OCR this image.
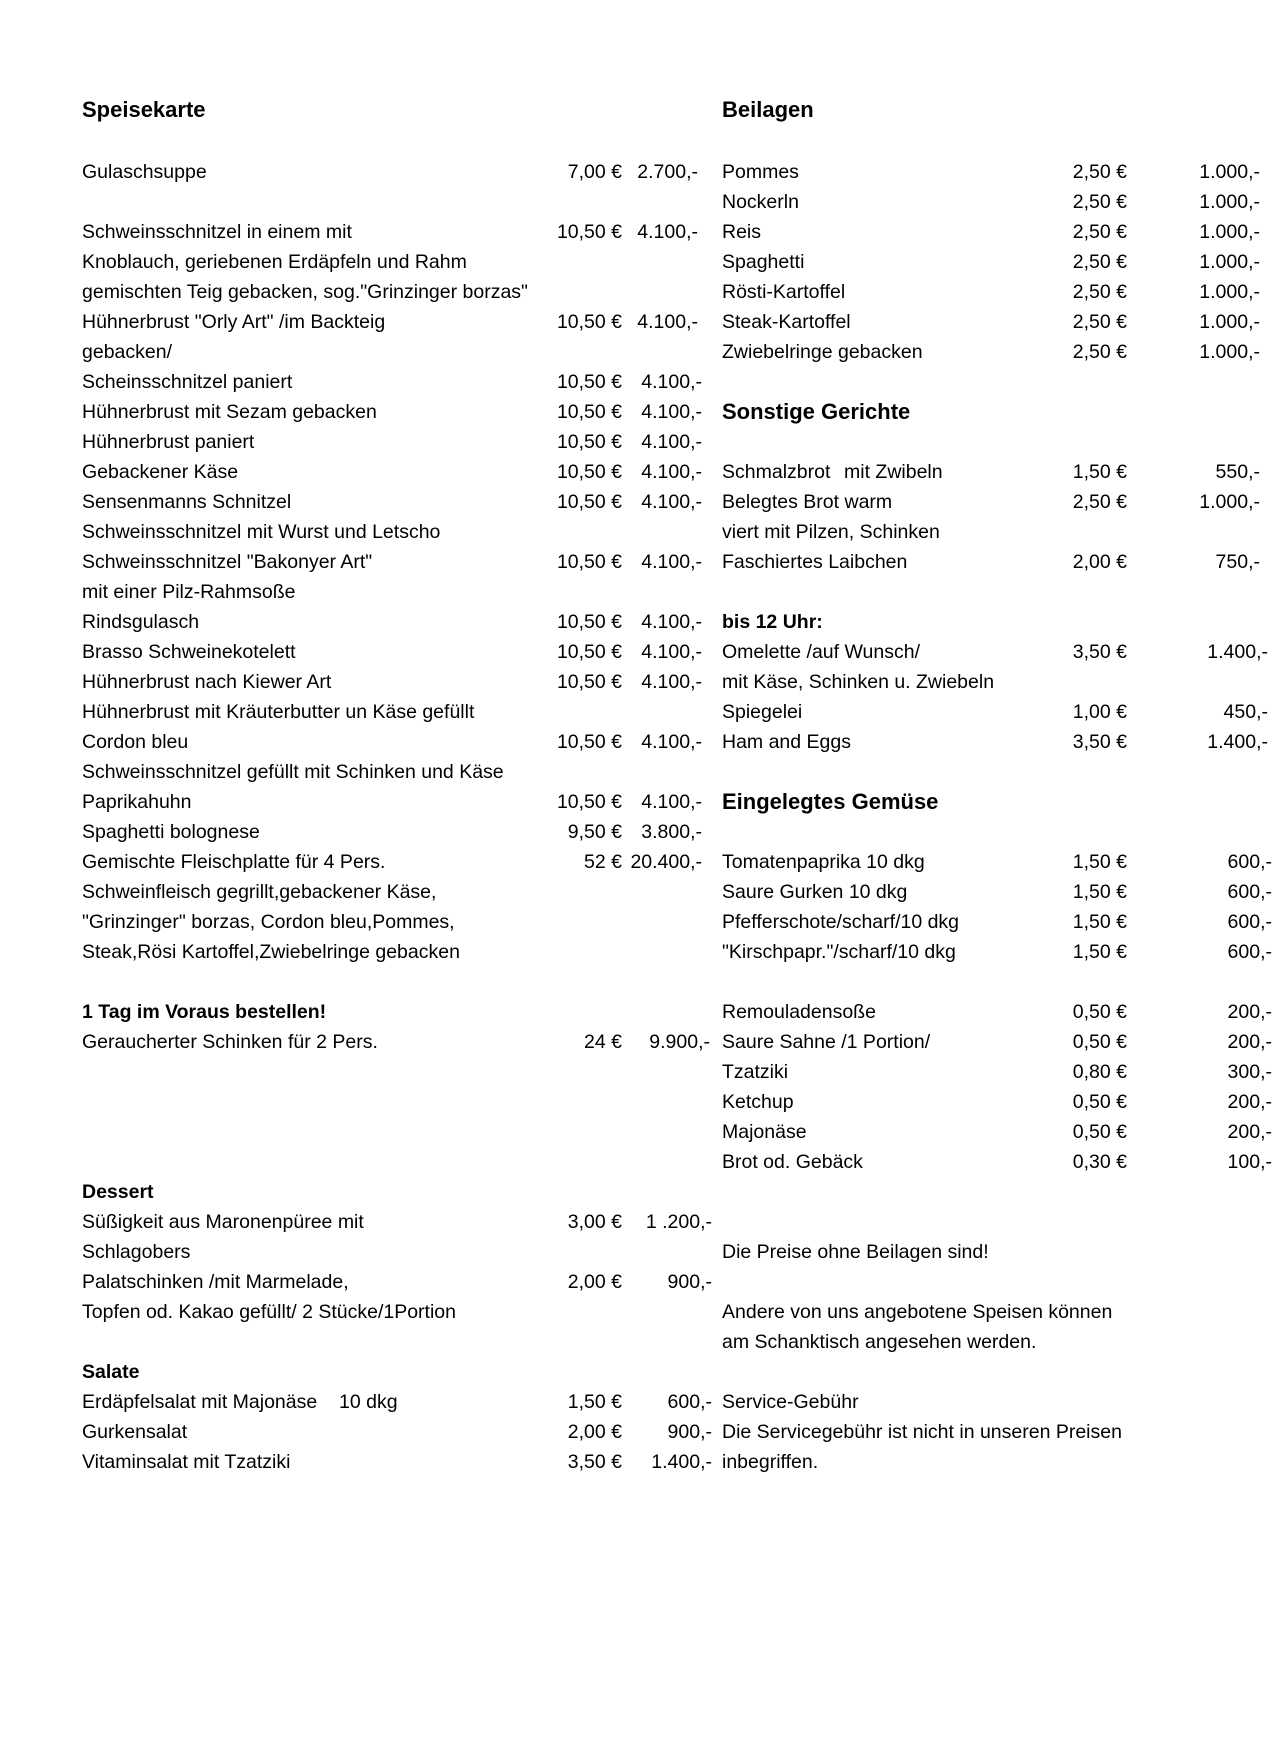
Speisekarte
Gulaschsuppe	7,00 € 2.700,-
Schweinsschnitzel in einem mit	10,50 € 4.100,-
Knoblauch, geriebenen Erdäpfeln und Rahm
gemischten Teig gebacken, sog."Grinzinger borzas"
Hühnerbrust "Orly Art" /im Backteig	10,50 € 4.100,-
gebacken/
Scheinsschnitzel paniert	10,50 € 4.100,-
Hühnerbrust mit Sezam gebacken	10,50 € 4.100,-
Hühnerbrust paniert	10,50 € 4.100,-
Gebackener Käse	10,50 € 4.100,-
Sensenmanns Schnitzel	10,50 € 4.100,-
Schweinsschnitzel mit Wurst und Letscho
Schweinsschnitzel "Bakonyer Art"	10,50 € 4.100,-
mit einer Pilz-Rahmsoße
Rindsgulasch	10,50 € 4.100,-
Brasso Schweinekotelett	10,50 € 4.100,-
Hühnerbrust nach Kiewer Art	10,50 € 4.100,-
Hühnerbrust mit Kräuterbutter un Käse gefüllt
Cordon bleu	10,50 € 4.100,-
Schweinsschnitzel gefüllt mit Schinken und Käse
Paprikahuhn	10,50 € 4.100,-
Spaghetti bolognese	9,50 € 3.800,-
Gemischte Fleischplatte für 4 Pers.	52 € 20.400,-
Schweinfleisch gegrillt,gebackener Käse,
"Grinzinger" borzas, Cordon bleu,Pommes,
Steak,Rösi Kartoffel,Zwiebelringe gebacken
1 Tag im Voraus bestellen!
Geraucherter Schinken für 2 Pers.	24 €	9.900,-
Dessert
Süßigkeit aus Maronenpüree mit	3,00 €	1 .200,-
Schlagobers
Palatschinken /mit Marmelade,	2,00 €	900,-
Topfen od. Kakao gefüllt/ 2 Stücke/1Portion
Salate
Erdäpfelsalat mit Majonäse 10 dkg	1,50 €	600,-
Gurkensalat	2,00 €	900,-
Vitaminsalat mit Tzatziki	3,50 €	1.400,-
Beilagen
Pommes	2,50 €	1.000,-
Nockerln	2,50 €	1.000,-
Reis	2,50 €	1.000,-
Spaghetti	2,50 €	1.000,-
Rösti-Kartoffel	2,50 €	1.000,-
Steak-Kartoffel	2,50 €	1.000,-
Zwiebelringe gebacken	2,50 €	1.000,-
Sonstige Gerichte
Schmalzbrot mit Zwibeln	1,50 €	550,-
Belegtes Brot warm	2,50 €	1.000,-
viert mit Pilzen, Schinken
Faschiertes Laibchen	2,00 €	750,-
bis 12 Uhr:
Omelette /auf Wunsch/	3,50 €	1.400,-
mit Käse, Schinken u. Zwiebeln
Spiegelei	1,00 €	450,-
Ham and Eggs	3,50 €	1.400,-
Eingelegtes Gemüse
Tomatenpaprika 10 dkg	1,50 €	600,-
Saure Gurken 10 dkg	1,50 €	600,-
Pfefferschote/scharf/10 dkg	1,50 €	600,-
"Kirschpapr."/scharf/10 dkg	1,50 €	600,-
Remouladensoße	0,50 €	200,-
Saure Sahne /1 Portion/	0,50 €	200,-
Tzatziki	0,80 €	300,-
Ketchup	0,50 €	200,-
Majonäse	0,50 €	200,-
Brot od. Gebäck	0,30 €	100,-
Die Preise ohne Beilagen sind!
Andere von uns angebotene Speisen können
am Schanktisch angesehen werden.
Service-Gebühr
Die Servicegebühr ist nicht in unseren Preisen
inbegriffen.
